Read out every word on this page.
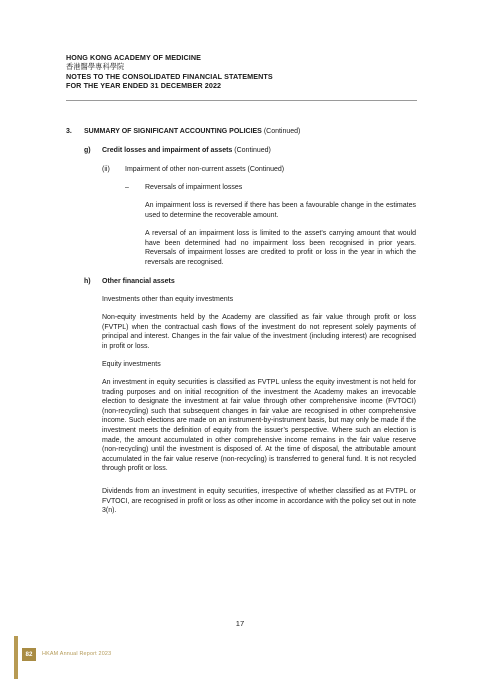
HONG KONG ACADEMY OF MEDICINE
香港醫學專科學院
NOTES TO THE CONSOLIDATED FINANCIAL STATEMENTS
FOR THE YEAR ENDED 31 DECEMBER 2022
3. SUMMARY OF SIGNIFICANT ACCOUNTING POLICIES (Continued)
g) Credit losses and impairment of assets (Continued)
(ii) Impairment of other non-current assets (Continued)
– Reversals of impairment losses
An impairment loss is reversed if there has been a favourable change in the estimates used to determine the recoverable amount.
A reversal of an impairment loss is limited to the asset’s carrying amount that would have been determined had no impairment loss been recognised in prior years. Reversals of impairment losses are credited to profit or loss in the year in which the reversals are recognised.
h) Other financial assets
Investments other than equity investments
Non-equity investments held by the Academy are classified as fair value through profit or loss (FVTPL) when the contractual cash flows of the investment do not represent solely payments of principal and interest. Changes in the fair value of the investment (including interest) are recognised in profit or loss.
Equity investments
An investment in equity securities is classified as FVTPL unless the equity investment is not held for trading purposes and on initial recognition of the investment the Academy makes an irrevocable election to designate the investment at fair value through other comprehensive income (FVTOCI) (non-recycling) such that subsequent changes in fair value are recognised in other comprehensive income. Such elections are made on an instrument-by-instrument basis, but may only be made if the investment meets the definition of equity from the issuer’s perspective. Where such an election is made, the amount accumulated in other comprehensive income remains in the fair value reserve (non-recycling) until the investment is disposed of. At the time of disposal, the attributable amount accumulated in the fair value reserve (non-recycling) is transferred to general fund. It is not recycled through profit or loss.
Dividends from an investment in equity securities, irrespective of whether classified as at FVTPL or FVTOCI, are recognised in profit or loss as other income in accordance with the policy set out in note 3(n).
17
82	HKAM Annual Report 2023
